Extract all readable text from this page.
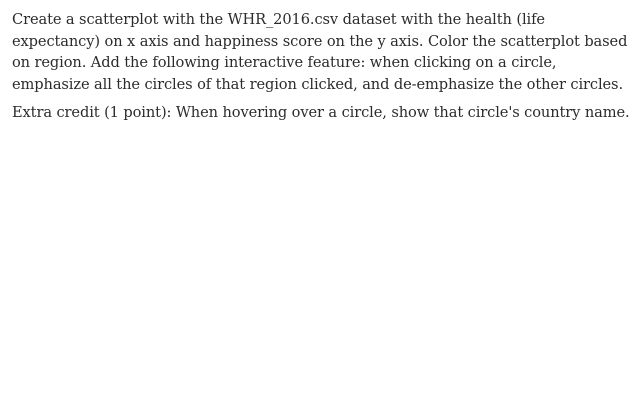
Create a scatterplot with the WHR_2016.csv dataset with the health (life
expectancy) on x axis and happiness score on the y axis. Color the scatterplot based
on region. Add the following interactive feature: when clicking on a circle,
emphasize all the circles of that region clicked, and de-emphasize the other circles.

Extra credit (1 point): When hovering over a circle, show that circle's country name.
